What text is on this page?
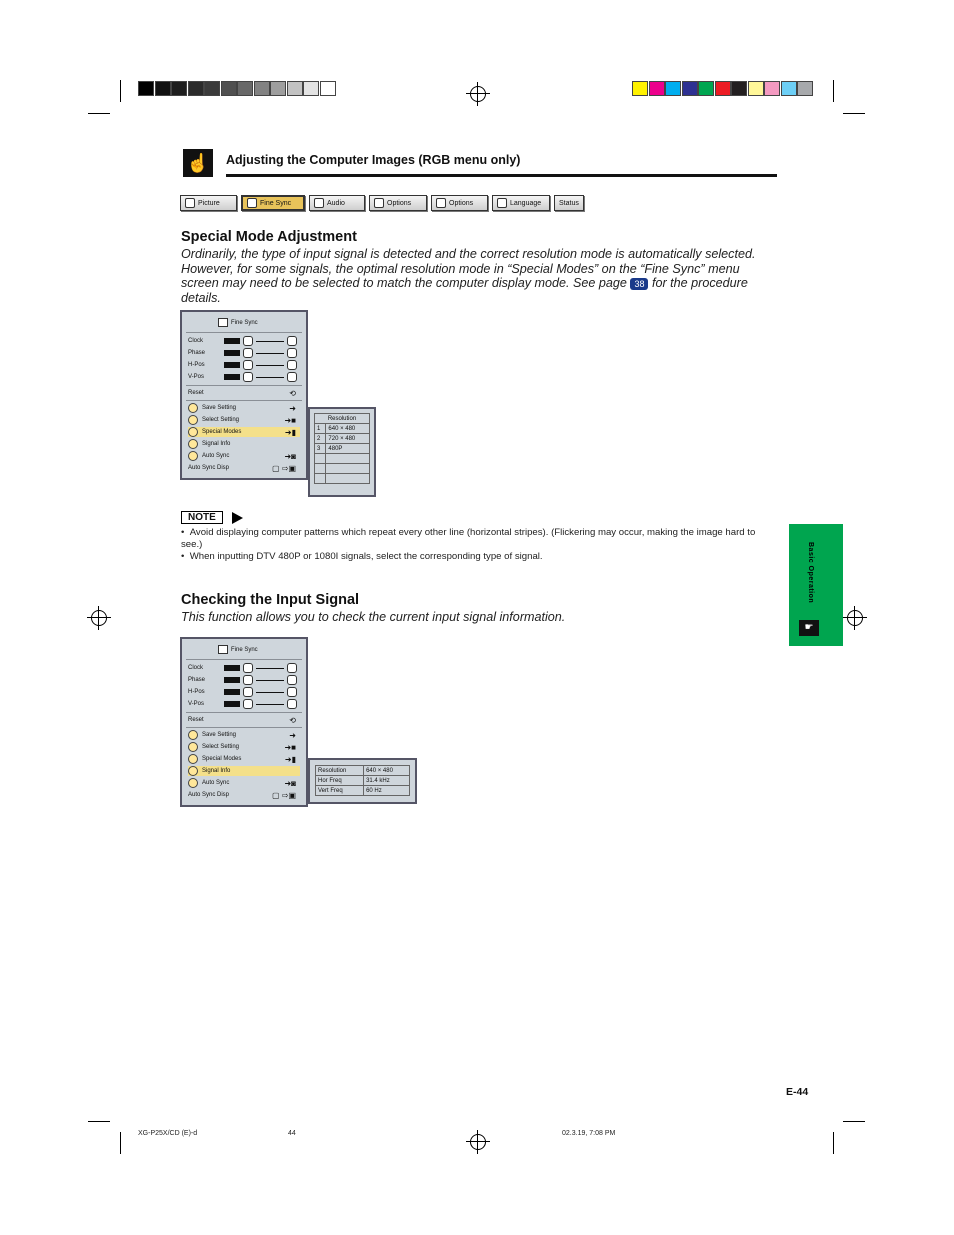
☝	Adjusting the Computer Images (RGB menu only)
Picture	Fine Sync	Audio	Options	Options	Language	Status
Special Mode Adjustment
Ordinarily, the type of input signal is detected and the correct resolution mode is automatically selected. However, for some signals, the optimal resolution mode in “Special Modes” on the “Fine Sync” menu screen may need to be selected to match the computer display mode. See page 38 for the procedure details.
Fine Sync
Clock
Phase
H-Pos
V-Pos
Reset	⟲
Save Setting	➜
Select Setting	➜■
Special Modes	➜▮
Signal Info
Auto Sync	➜◙
Auto Sync Disp	▢ ⇨▣
Resolution	
1	640 × 480
2	720 × 480
3	480P

NOTE
•  Avoid displaying computer patterns which repeat every other line (horizontal stripes). (Flickering may occur, making the image hard to see.)
•  When inputting DTV 480P or 1080I signals, select the corresponding type of signal.
Checking the Input Signal
This function allows you to check the current input signal information.
Fine Sync
Clock
Phase
H-Pos
V-Pos
Reset	⟲
Save Setting	➜
Select Setting	➜■
Special Modes	➜▮
Signal Info
Auto Sync	➜◙
Auto Sync Disp	▢ ⇨▣
Resolution	640 × 480
Hor Freq	31.4 kHz
Vert Freq	60 Hz
Basic Operation
☛
E-44
XG-P25X/CD (E)-d	44	02.3.19, 7:08 PM
